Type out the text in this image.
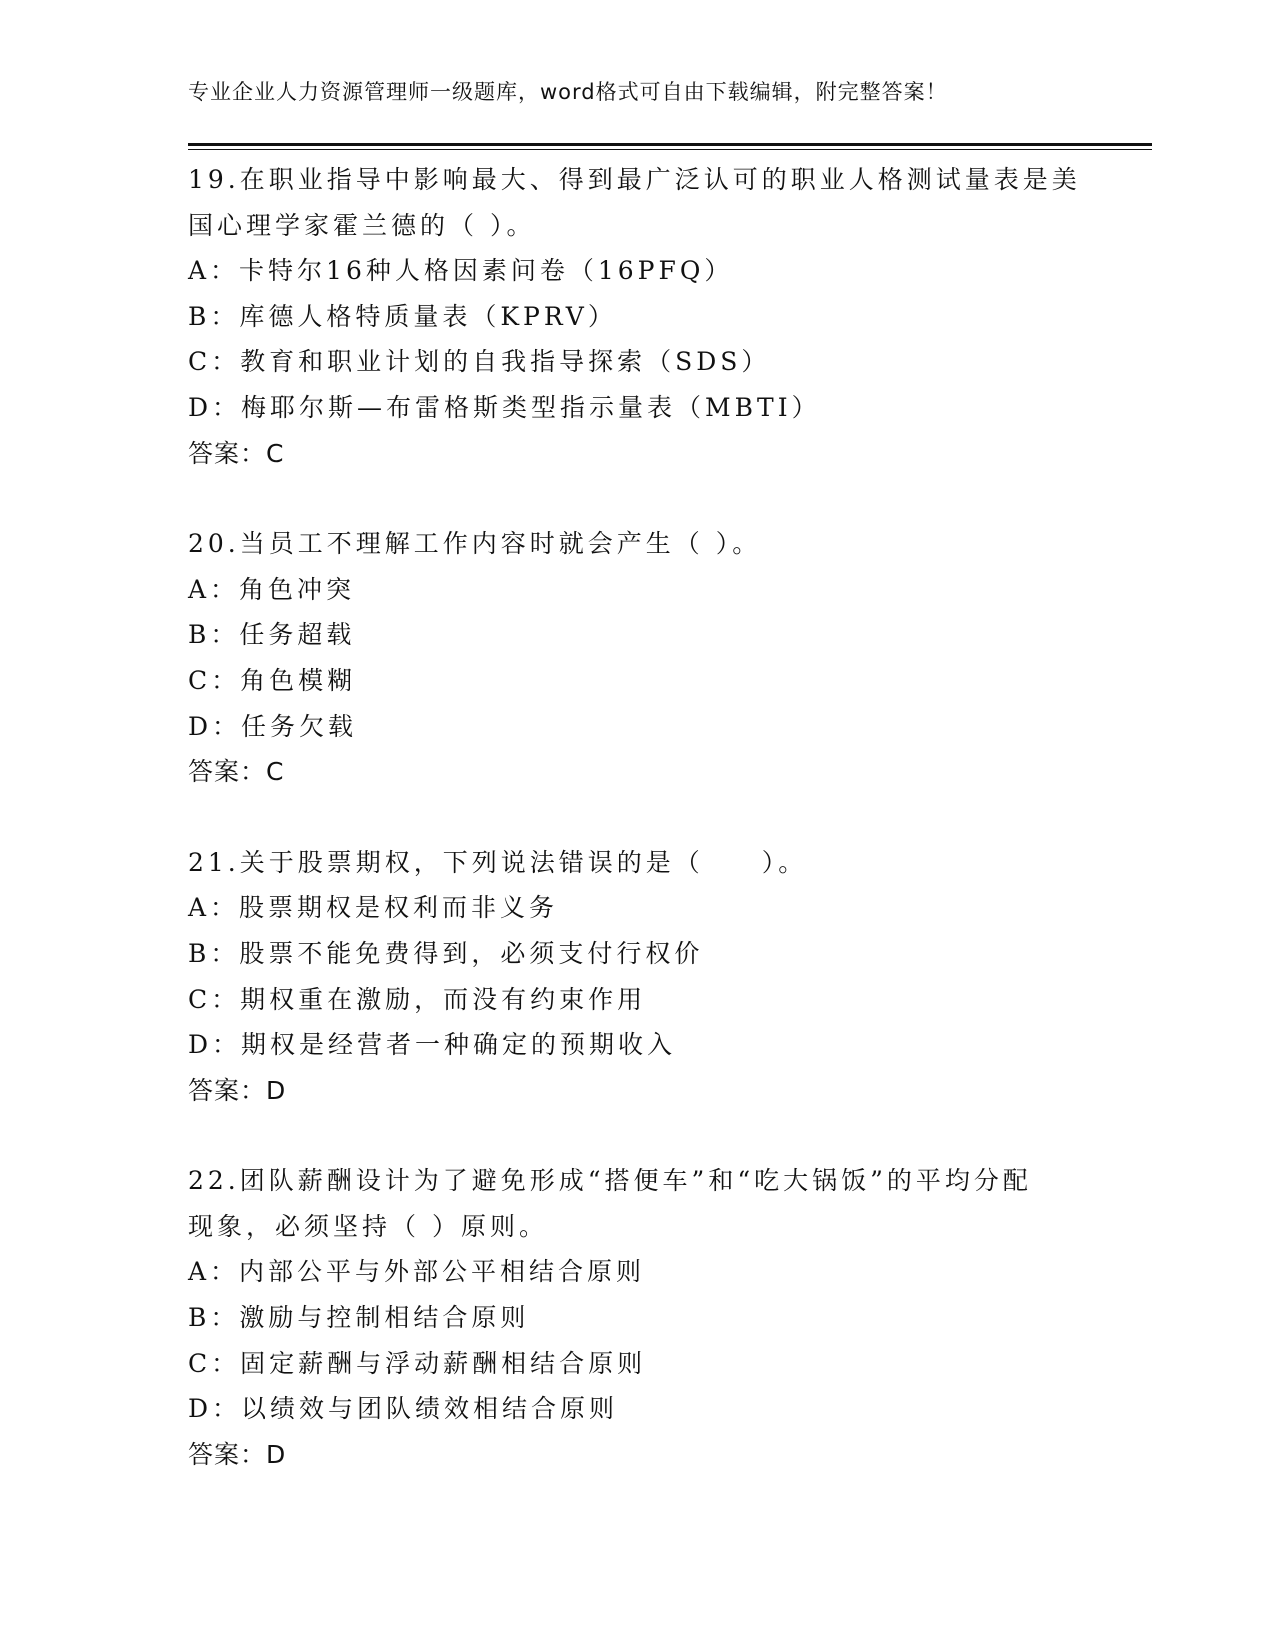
专业企业人力资源管理师一级题库，word格式可自由下载编辑，附完整答案！
19.在职业指导中影响最大、得到最广泛认可的职业人格测试量表是美
国心理学家霍兰德的（ ）。
A：卡特尔16种人格因素问卷（16PFQ）
B：库德人格特质量表（KPRV）
C：教育和职业计划的自我指导探索（SDS）
D：梅耶尔斯—布雷格斯类型指示量表（MBTI）
答案：C
20.当员工不理解工作内容时就会产生（ ）。
A：角色冲突
B：任务超载
C：角色模糊
D：任务欠载
答案：C
21.关于股票期权，下列说法错误的是（　　）。
A：股票期权是权利而非义务
B：股票不能免费得到，必须支付行权价
C：期权重在激励，而没有约束作用
D：期权是经营者一种确定的预期收入
答案：D
22.团队薪酬设计为了避免形成“搭便车”和“吃大锅饭”的平均分配
现象，必须坚持（ ）原则。
A：内部公平与外部公平相结合原则
B：激励与控制相结合原则
C：固定薪酬与浮动薪酬相结合原则
D：以绩效与团队绩效相结合原则
答案：D
